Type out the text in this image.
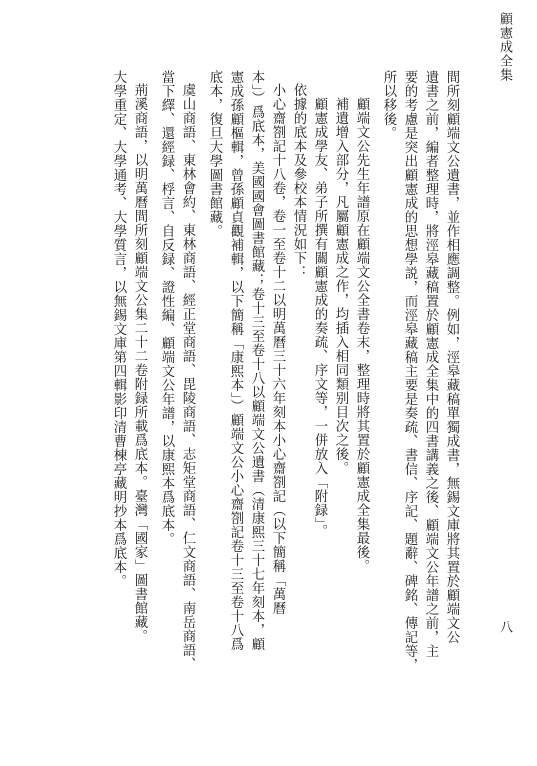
顧憲成全集
八
間所刻顧端文公遺書，並作相應調整。例如，涇皋藏稿單獨成書，無錫文庫將其置於顧端文公
遺書之前，編者整理時，將涇皋藏稿置於顧憲成全集中的四書講義之後、顧端文公年譜之前，主
要的考慮是突出顧憲成的思想學説，而涇皋藏稿主要是奏疏、書信、序記、題辭、碑銘、傳記等，
所以移後。
顧端文公先生年譜原在顧端文公全書卷末，整理時將其置於顧憲成全集最後。
補遺增入部分，凡屬顧憲成之作，均插入相同類别目次之後。
顧憲成學友、弟子所撰有關顧憲成的奏疏、序文等，一併放入「附録」。
依據的底本及參校本情況如下：
小心齋劄記十八卷，卷一至卷十二以明萬曆三十六年刻本小心齋劄記（以下簡稱「萬曆
本」）爲底本，美國國會圖書館藏；卷十三至卷十八以顧端文公遺書（清康熙三十七年刻本，顧
憲成孫顧樞輯，曾孫顧貞觀補輯，以下簡稱「康熙本」）顧端文公小心齋劄記卷十三至卷十八爲
底本，復旦大學圖書館藏。
虞山商語、東林會約、東林商語、經正堂商語、毘陵商語、志矩堂商語、仁文商語、南岳商語、
當下繹、還經録、桴言、自反録、證性編、顧端文公年譜，以康熙本爲底本。
荊溪商語，以明萬曆間所刻顧端文公集二十二卷附録所載爲底本。臺灣「國家」圖書館藏。
大學重定、大學通考、大學質言，以無錫文庫第四輯影印清曹棟亭藏明抄本爲底本。
